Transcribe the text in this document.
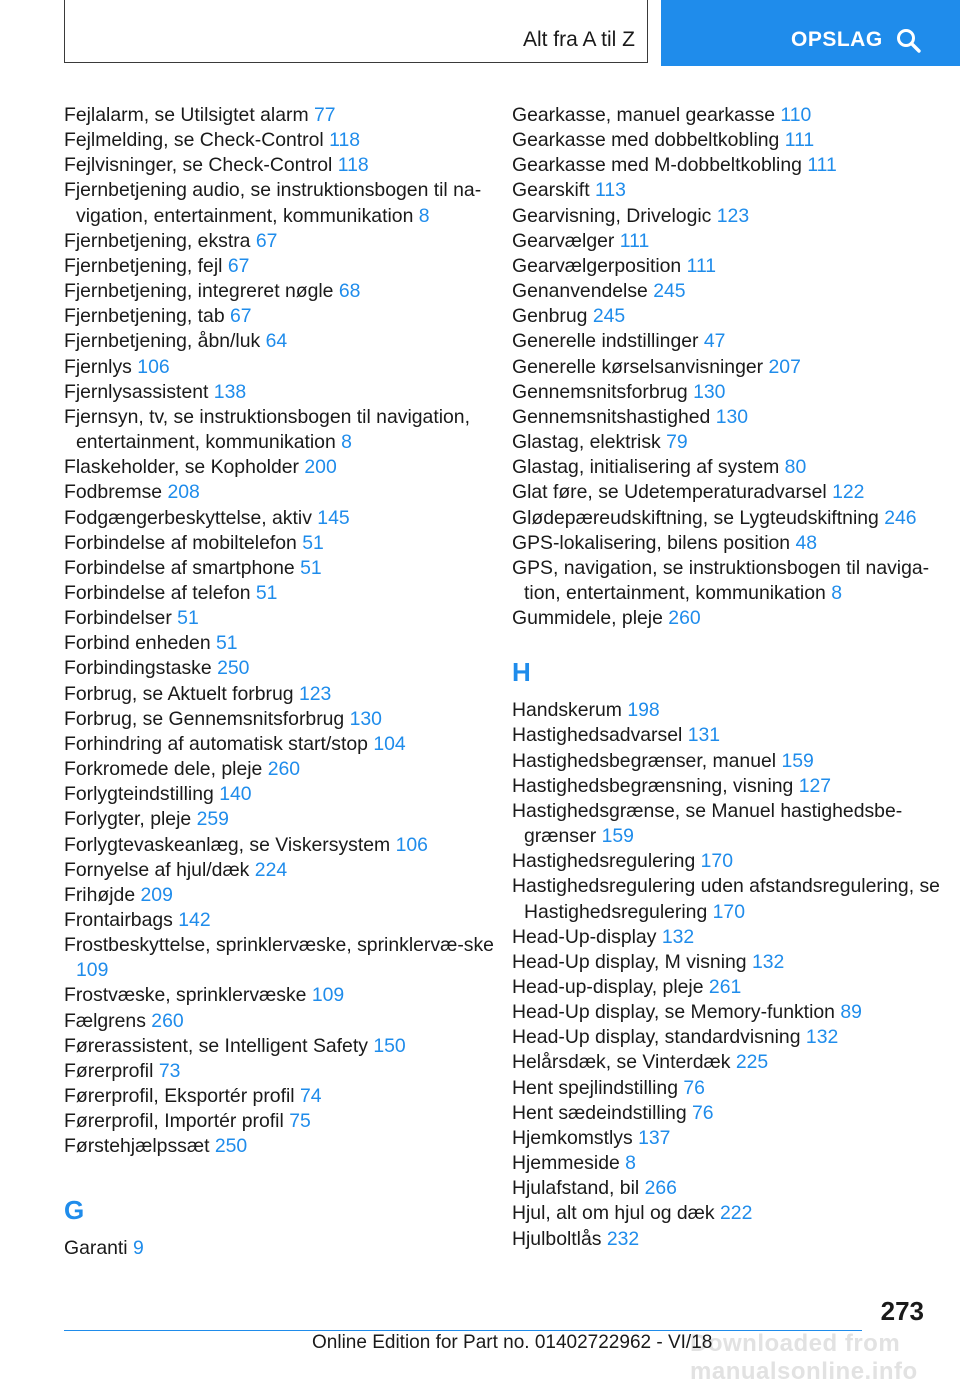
Alt fra A til Z	OPSLAG
Fejlalarm, se Utilsigtet alarm 77
Fejlmelding, se Check-Control 118
Fejlvisninger, se Check-Control 118
Fjernbetjening audio, se instruktionsbogen til na-vigation, entertainment, kommunikation 8
Fjernbetjening, ekstra 67
Fjernbetjening, fejl 67
Fjernbetjening, integreret nøgle 68
Fjernbetjening, tab 67
Fjernbetjening, åbn/luk 64
Fjernlys 106
Fjernlysassistent 138
Fjernsyn, tv, se instruktionsbogen til navigation, entertainment, kommunikation 8
Flaskeholder, se Kopholder 200
Fodbremse 208
Fodgængerbeskyttelse, aktiv 145
Forbindelse af mobiltelefon 51
Forbindelse af smartphone 51
Forbindelse af telefon 51
Forbindelser 51
Forbind enheden 51
Forbindingstaske 250
Forbrug, se Aktuelt forbrug 123
Forbrug, se Gennemsnitsforbrug 130
Forhindring af automatisk start/stop 104
Forkromede dele, pleje 260
Forlygteindstilling 140
Forlygter, pleje 259
Forlygtevaskeanlæg, se Viskersystem 106
Fornyelse af hjul/dæk 224
Frihøjde 209
Frontairbags 142
Frostbeskyttelse, sprinklervæske, sprinklervæ-ske 109
Frostvæske, sprinklervæske 109
Fælgrens 260
Førerassistent, se Intelligent Safety 150
Førerprofil 73
Førerprofil, Eksportér profil 74
Førerprofil, Importér profil 75
Førstehjælpssæt 250
G
Garanti 9
Gearkasse, manuel gearkasse 110
Gearkasse med dobbeltkobling 111
Gearkasse med M-dobbeltkobling 111
Gearskift 113
Gearvisning, Drivelogic 123
Gearvælger 111
Gearvælgerposition 111
Genanvendelse 245
Genbrug 245
Generelle indstillinger 47
Generelle kørselsanvisninger 207
Gennemsnitsforbrug 130
Gennemsnitshastighed 130
Glastag, elektrisk 79
Glastag, initialisering af system 80
Glat føre, se Udetemperaturadvarsel 122
Glødepæreudskiftning, se Lygteudskiftning 246
GPS-lokalisering, bilens position 48
GPS, navigation, se instruktionsbogen til naviga-tion, entertainment, kommunikation 8
Gummidele, pleje 260
H
Handskerum 198
Hastighedsadvarsel 131
Hastighedsbegrænser, manuel 159
Hastighedsbegrænsning, visning 127
Hastighedsgrænse, se Manuel hastighedsbe-grænser 159
Hastighedsregulering 170
Hastighedsregulering uden afstandsregulering, se Hastighedsregulering 170
Head-Up-display 132
Head-Up display, M visning 132
Head-up-display, pleje 261
Head-Up display, se Memory-funktion 89
Head-Up display, standardvisning 132
Helårsdæk, se Vinterdæk 225
Hent spejlindstilling 76
Hent sædeindstilling 76
Hjemkomstlys 137
Hjemmeside 8
Hjulafstand, bil 266
Hjul, alt om hjul og dæk 222
Hjulboltlås 232
273
Downloaded from manualsonline.info
Online Edition for Part no. 01402722962 - VI/18
